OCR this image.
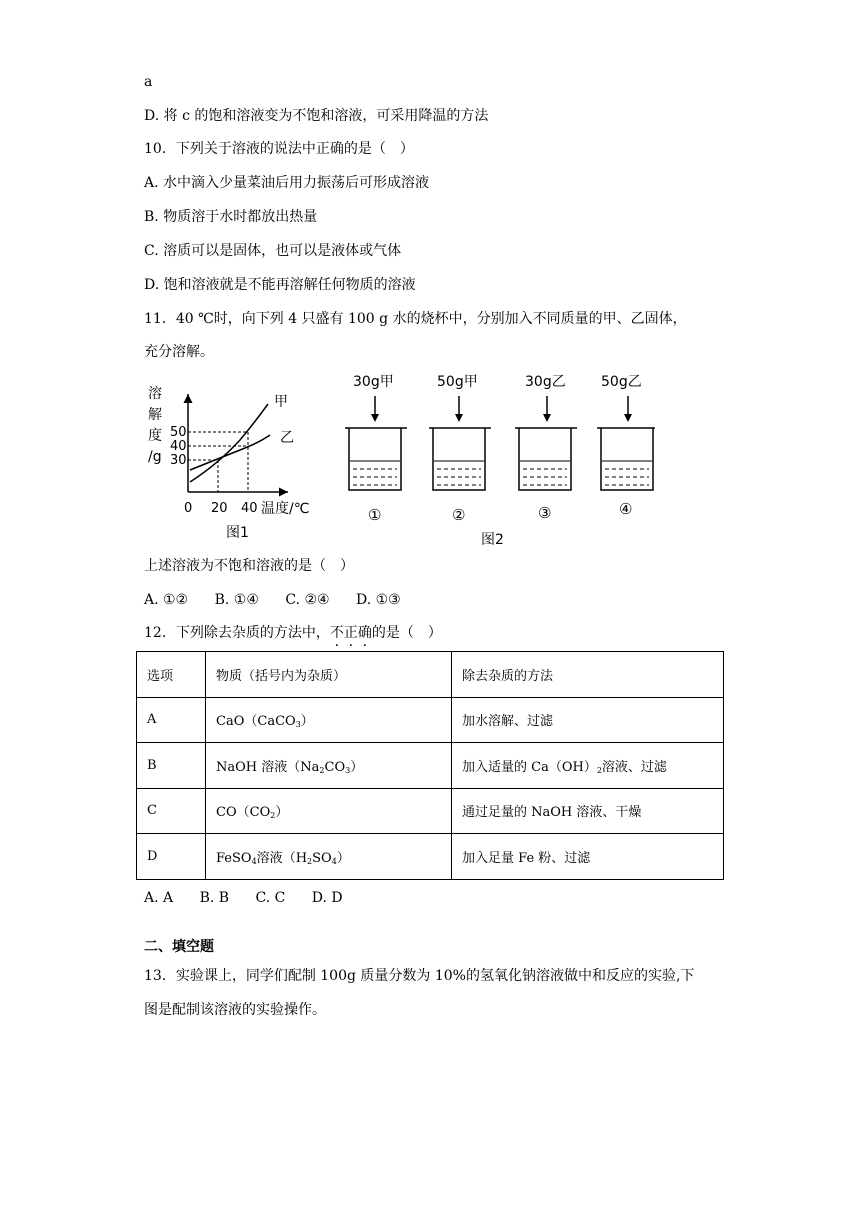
a
D. 将 c 的饱和溶液变为不饱和溶液，可采用降温的方法
10．下列关于溶液的说法中正确的是（　）
A. 水中滴入少量菜油后用力振荡后可形成溶液
B. 物质溶于水时都放出热量
C. 溶质可以是固体，也可以是液体或气体
D. 饱和溶液就是不能再溶解任何物质的溶液
11．40 ℃时，向下列 4 只盛有 100 g 水的烧杯中，分别加入不同质量的甲、乙固体，
充分溶解。
溶
解
度
/g
50
40
30
甲
乙
0 20 40 温度/℃
图1
30g甲
①
50g甲
②
30g乙
③
50g乙
④
图2
上述溶液为不饱和溶液的是（　）
A. ①② B. ①④ C. ②④ D. ①③
12．下列除去杂质的方法中，不正确的是（　）
选项	物质（括号内为杂质）	除去杂质的方法
A	CaO（CaCO$_3$）	加水溶解、过滤
B	NaOH 溶液$(Na_2CO_3)$	加入适量的 $Ca(OH)_2$溶液、过滤
C	$CO(CO_2)$	通过足量的 NaOH 溶液、干燥
D	FeSO$_4$溶液$(H_2SO_4)$	加入足量 Fe 粉、过滤
A. A B. B C. C D. D
二、填空题
13．实验课上，同学们配制 100g 质量分数为 10%的氢氧化钠溶液做中和反应的实验,下
图是配制该溶液的实验操作。
